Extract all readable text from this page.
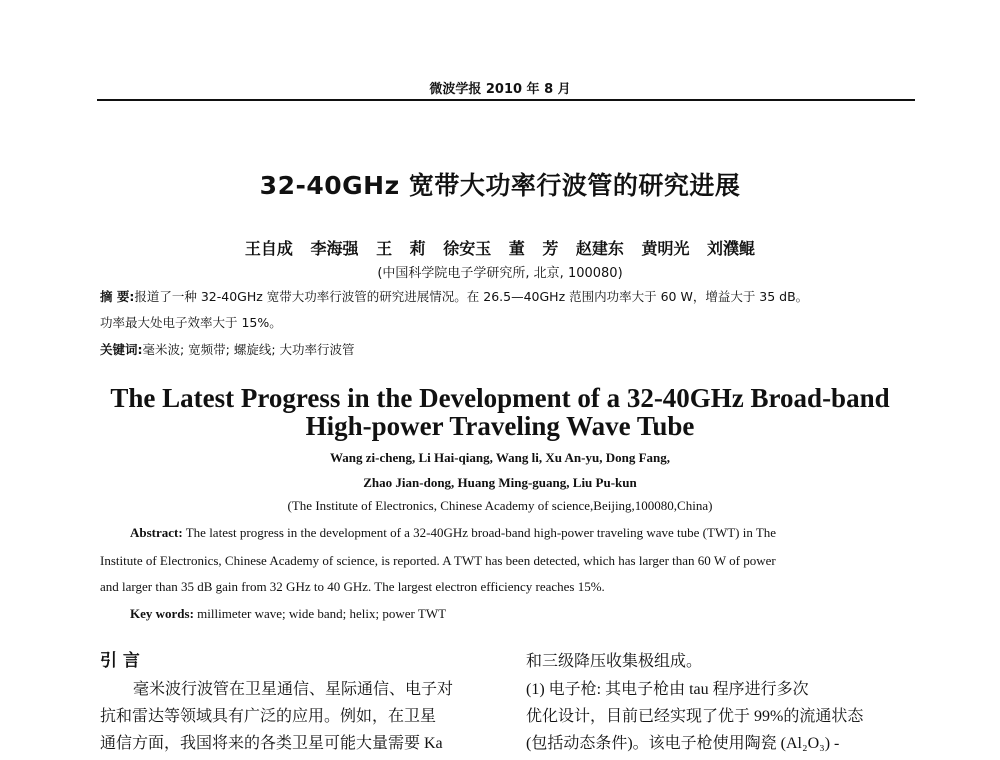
微波学报 2010 年 8 月
32-40GHz 宽带大功率行波管的研究进展
王自成 李海强 王 莉 徐安玉 董 芳 赵建东 黄明光 刘濮鲲
(中国科学院电子学研究所, 北京, 100080)
摘 要:报道了一种 32-40GHz 宽带大功率行波管的研究进展情况。在 26.5—40GHz 范围内功率大于 60 W，增益大于 35 dB。
功率最大处电子效率大于 15%。
关键词:毫米波; 宽频带; 螺旋线; 大功率行波管
The Latest Progress in the Development of a 32-40GHz Broad-band
High-power Traveling Wave Tube
Wang zi-cheng, Li Hai-qiang, Wang li, Xu An-yu, Dong Fang,
Zhao Jian-dong, Huang Ming-guang, Liu Pu-kun
(The Institute of Electronics, Chinese Academy of science,Beijing,100080,China)
Abstract: The latest progress in the development of a 32-40GHz broad-band high-power traveling wave tube (TWT) in The
Institute of Electronics, Chinese Academy of science, is reported. A TWT has been detected, which has larger than 60 W of power
and larger than 35 dB gain from 32 GHz to 40 GHz. The largest electron efficiency reaches 15%.
Key words: millimeter wave; wide band; helix; power TWT
引 言
毫米波行波管在卫星通信、星际通信、电子对
抗和雷达等领域具有广泛的应用。例如，在卫星
通信方面，我国将来的各类卫星可能大量需要 Ka
和三级降压收集极组成。
(1) 电子枪: 其电子枪由 tau 程序进行多次
优化设计，目前已经实现了优于 99%的流通状态
(包括动态条件)。该电子枪使用陶瓷 (Al₂O₃) -
